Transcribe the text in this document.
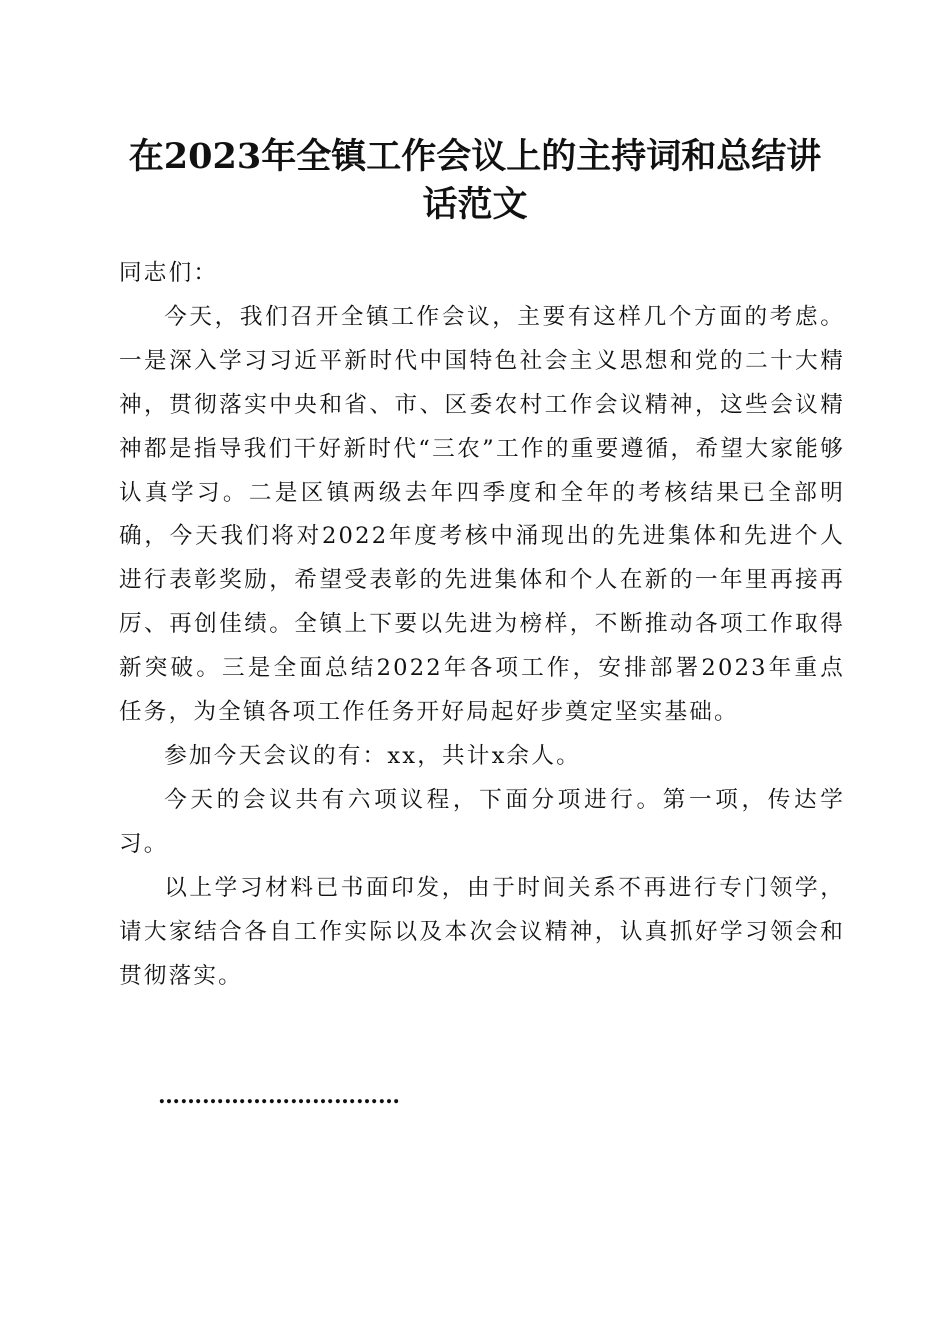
在2023年全镇工作会议上的主持词和总结讲话范文

同志们：

今天，我们召开全镇工作会议，主要有这样几个方面的考虑。一是深入学习习近平新时代中国特色社会主义思想和党的二十大精神，贯彻落实中央和省、市、区委农村工作会议精神，这些会议精神都是指导我们干好新时代“三农”工作的重要遵循，希望大家能够认真学习。二是区镇两级去年四季度和全年的考核结果已全部明确，今天我们将对2022年度考核中涌现出的先进集体和先进个人进行表彰奖励，希望受表彰的先进集体和个人在新的一年里再接再厉、再创佳绩。全镇上下要以先进为榜样，不断推动各项工作取得新突破。三是全面总结2022年各项工作，安排部署2023年重点任务，为全镇各项工作任务开好局起好步奠定坚实基础。

参加今天会议的有：xx，共计x余人。

今天的会议共有六项议程，下面分项进行。第一项，传达学习。

以上学习材料已书面印发，由于时间关系不再进行专门领学，请大家结合各自工作实际以及本次会议精神，认真抓好学习领会和贯彻落实。

……………………………
